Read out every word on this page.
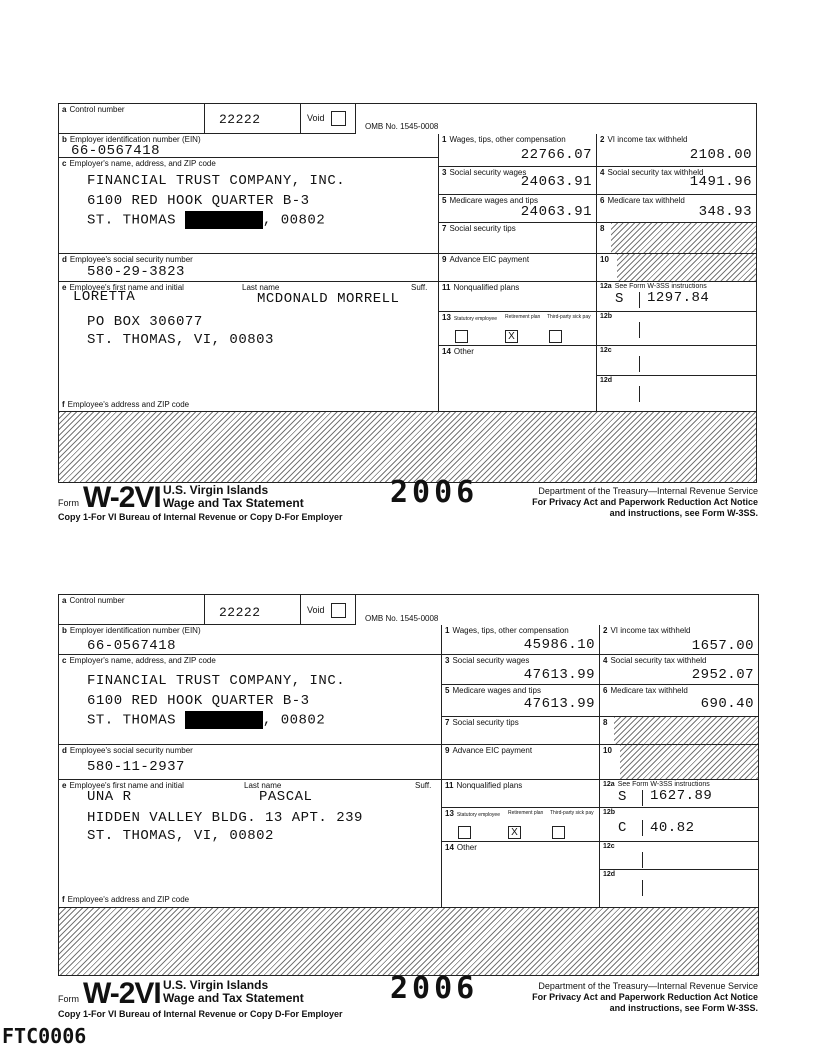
a Control number
22222	Void
OMB No. 1545-0008
b Employer identification number (EIN)
66-0567418
c Employer's name, address, and ZIP code
FINANCIAL TRUST COMPANY, INC.
6100 RED HOOK QUARTER B-3
ST. THOMAS	, 00802
d Employee's social security number
580-29-3823
e Employee's first name and initial	Last name	Suff.
LORETTA	MCDONALD MORRELL
PO BOX 306077
ST. THOMAS, VI, 00803
f Employee's address and ZIP code
1 Wages, tips, other compensation
22766.07
3 Social security wages
24063.91
5 Medicare wages and tips
24063.91
7 Social security tips
9 Advance EIC payment
11 Nonqualified plans
13 Statutory employee Retirement plan Third-party sick pay
X
14 Other
2 VI income tax withheld
2108.00
4 Social security tax withheld
1491.96
6 Medicare tax withheld
348.93
8
10
12a See Form W-3SS instructions
S 1297.84
12b
12c
12d
Form W-2VI U.S. Virgin Islands
Wage and Tax Statement	2006	Department of the Treasury—Internal Revenue Service
For Privacy Act and Paperwork Reduction Act Notice
and instructions, see Form W-3SS.
Copy 1-For VI Bureau of Internal Revenue or Copy D-For Employer
a Control number
22222	Void
OMB No. 1545-0008
b Employer identification number (EIN)
66-0567418
c Employer's name, address, and ZIP code
FINANCIAL TRUST COMPANY, INC.
6100 RED HOOK QUARTER B-3
ST. THOMAS	, 00802
d Employee's social security number
580-11-2937
e Employee's first name and initial	Last name	Suff.
UNA R	PASCAL
HIDDEN VALLEY BLDG. 13 APT. 239
ST. THOMAS, VI, 00802
f Employee's address and ZIP code
1 Wages, tips, other compensation
45986.10
3 Social security wages
47613.99
5 Medicare wages and tips
47613.99
7 Social security tips
9 Advance EIC payment
11 Nonqualified plans
13 Statutory employee Retirement plan Third-party sick pay
X
14 Other
2 VI income tax withheld
1657.00
4 Social security tax withheld
2952.07
6 Medicare tax withheld
690.40
8
10
12a See Form W-3SS instructions
S 1627.89
12b
C 40.82
12c
12d
Form W-2VI U.S. Virgin Islands
Wage and Tax Statement	2006	Department of the Treasury—Internal Revenue Service
For Privacy Act and Paperwork Reduction Act Notice
and instructions, see Form W-3SS.
Copy 1-For VI Bureau of Internal Revenue or Copy D-For Employer
FTC0006
